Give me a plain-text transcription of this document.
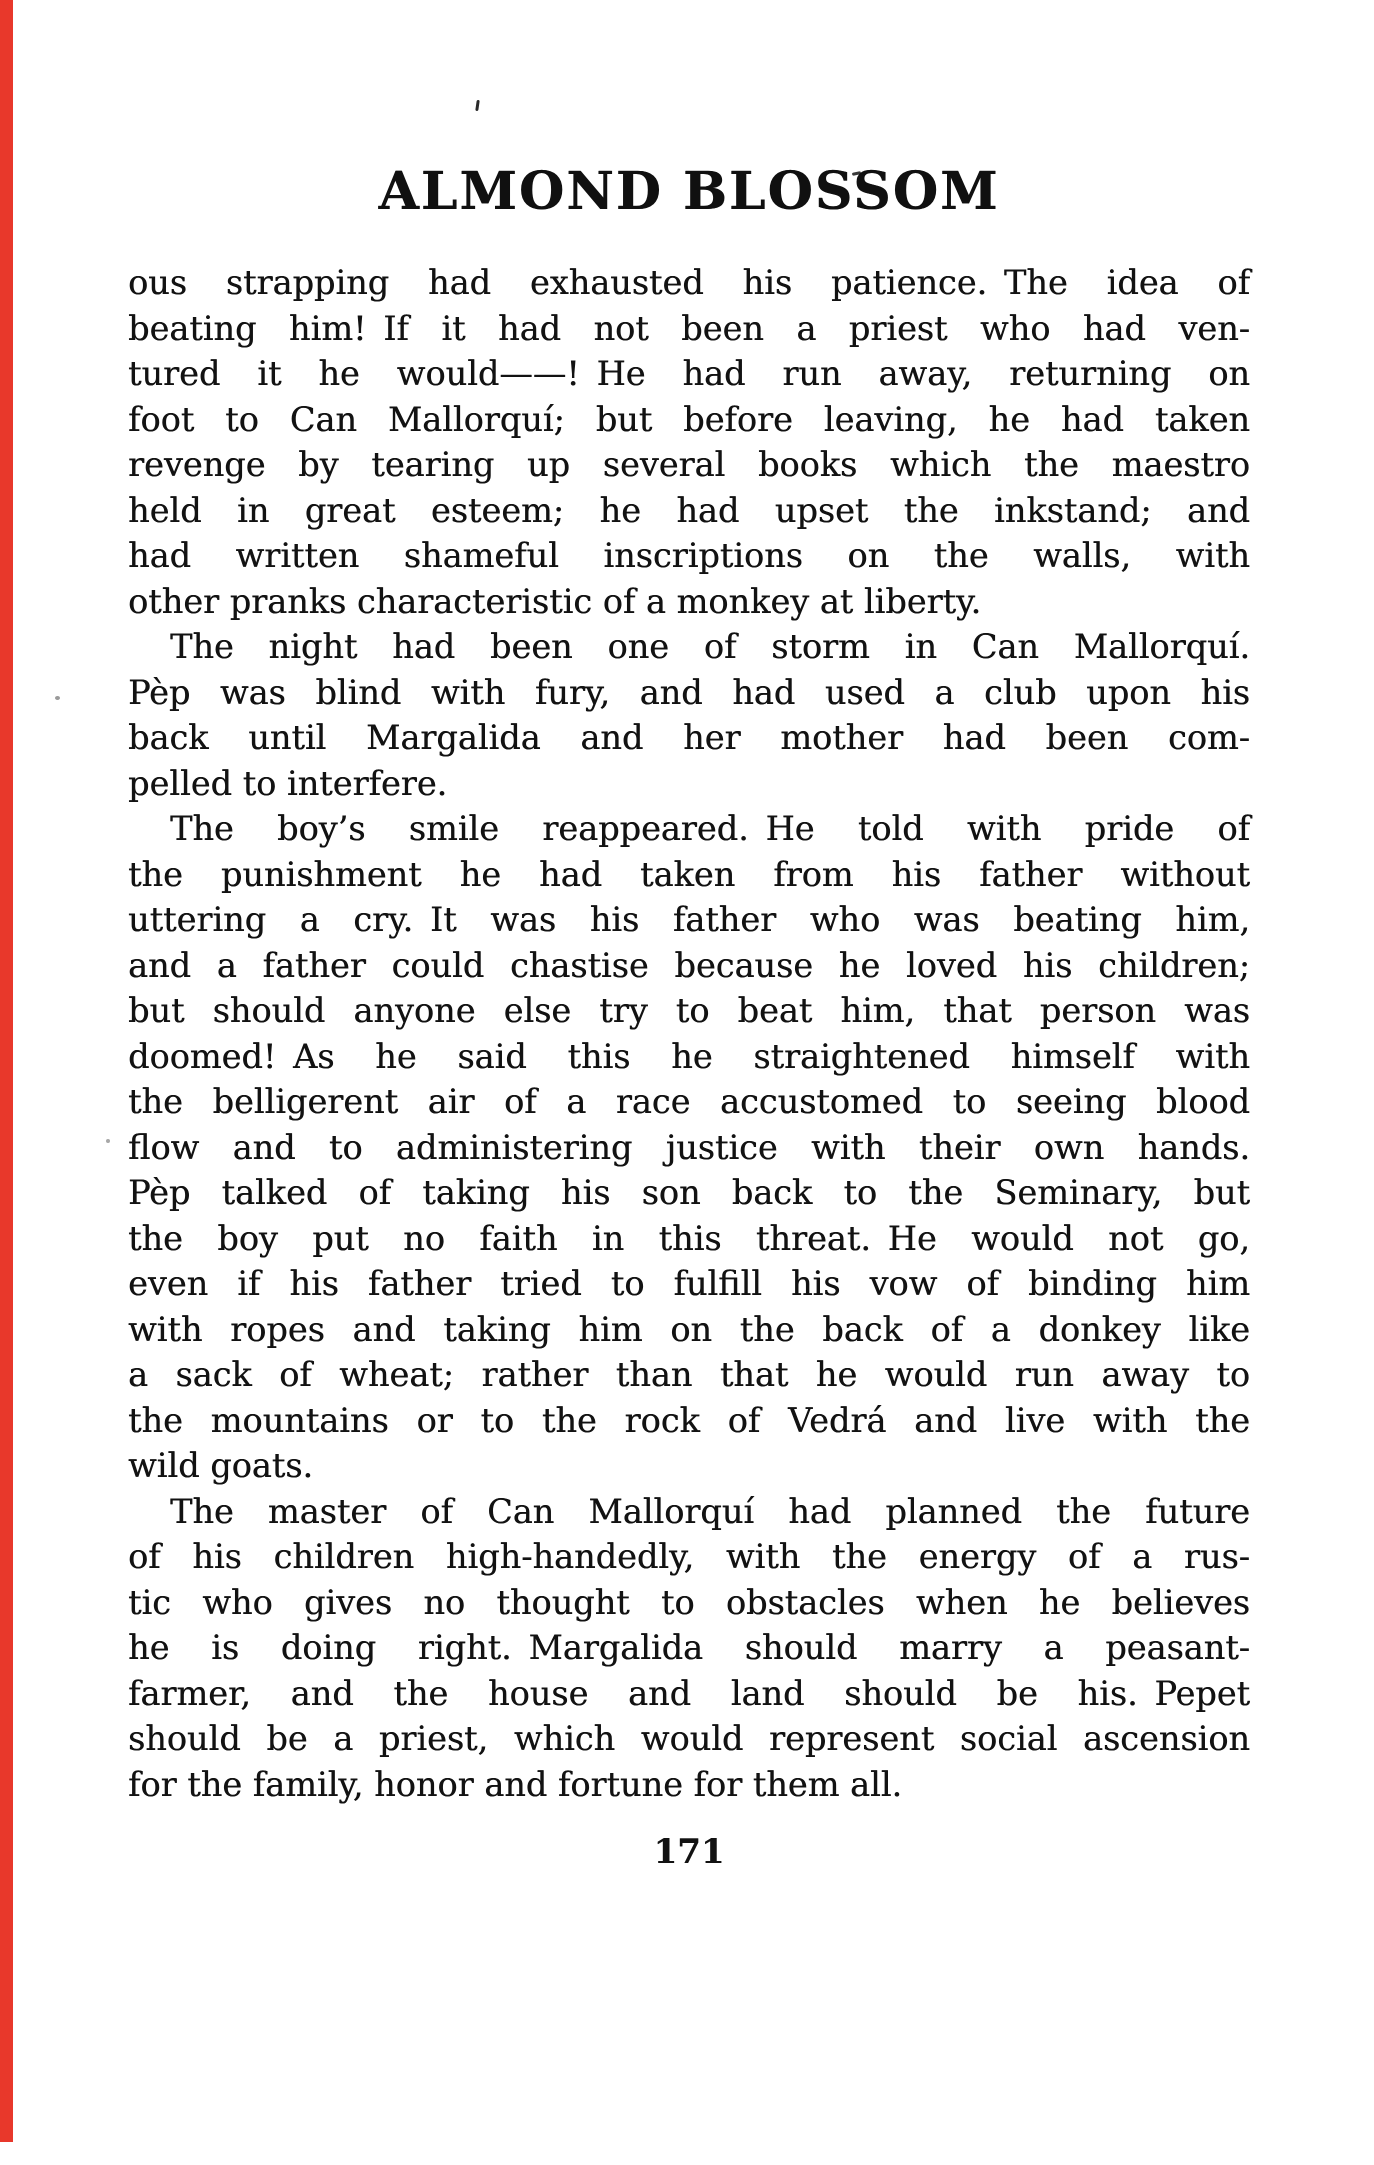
ALMOND BLOSSOM
ous strapping had exhausted his patience. The idea of
beating him! If it had not been a priest who had ven-
tured it he would——! He had run away, returning on
foot to Can Mallorquí; but before leaving, he had taken
revenge by tearing up several books which the maestro
held in great esteem; he had upset the inkstand; and
had written shameful inscriptions on the walls, with
other pranks characteristic of a monkey at liberty.
The night had been one of storm in Can Mallorquí.
Pèp was blind with fury, and had used a club upon his
back until Margalida and her mother had been com-
pelled to interfere.
The boy’s smile reappeared. He told with pride of
the punishment he had taken from his father without
uttering a cry. It was his father who was beating him,
and a father could chastise because he loved his children;
but should anyone else try to beat him, that person was
doomed! As he said this he straightened himself with
the belligerent air of a race accustomed to seeing blood
flow and to administering justice with their own hands.
Pèp talked of taking his son back to the Seminary, but
the boy put no faith in this threat. He would not go,
even if his father tried to fulfill his vow of binding him
with ropes and taking him on the back of a donkey like
a sack of wheat; rather than that he would run away to
the mountains or to the rock of Vedrá and live with the
wild goats.
The master of Can Mallorquí had planned the future
of his children high-handedly, with the energy of a rus-
tic who gives no thought to obstacles when he believes
he is doing right. Margalida should marry a peasant-
farmer, and the house and land should be his. Pepet
should be a priest, which would represent social ascension
for the family, honor and fortune for them all.
171
